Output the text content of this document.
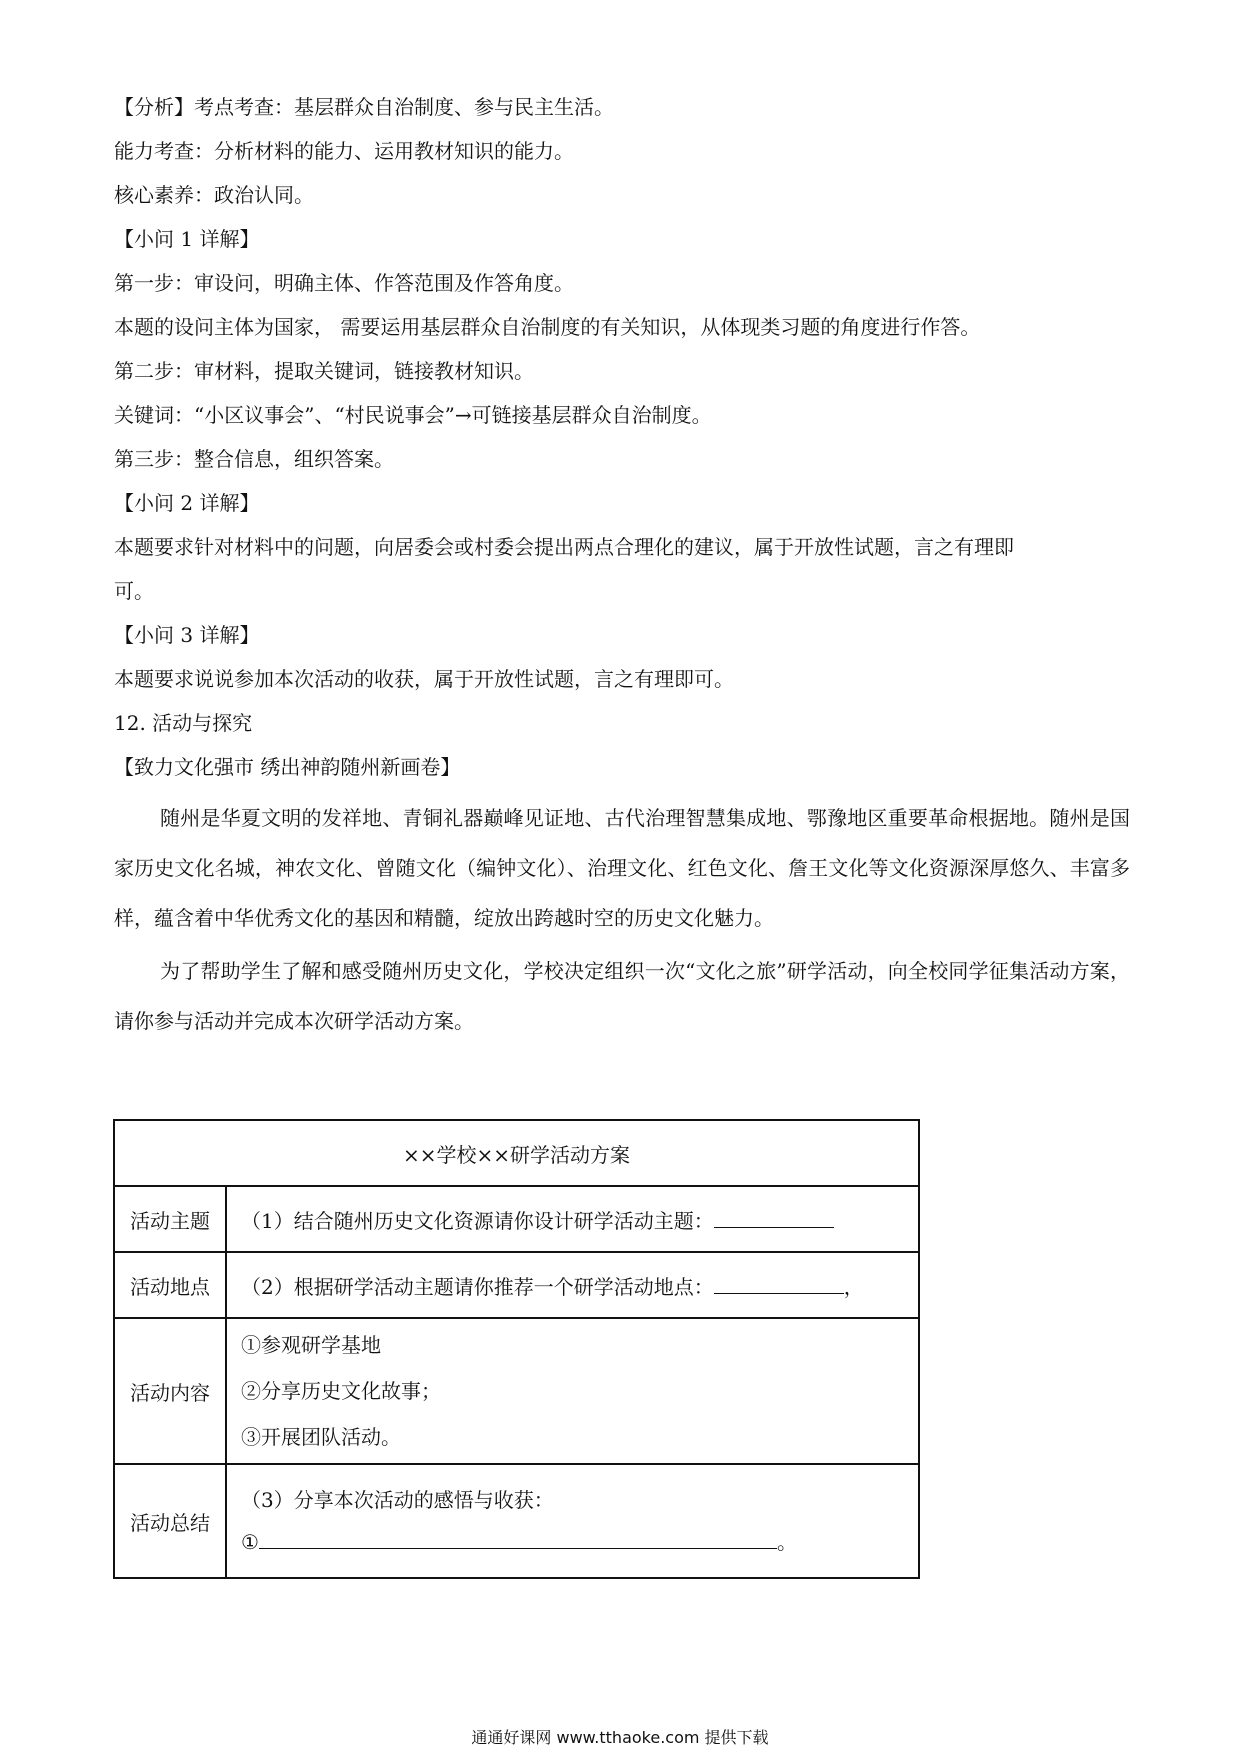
【分析】考点考查：基层群众自治制度、参与民主生活。
能力考查：分析材料的能力、运用教材知识的能力。
核心素养：政治认同。
【小问 1 详解】
第一步：审设问，明确主体、作答范围及作答角度。
本题的设问主体为国家， 需要运用基层群众自治制度的有关知识，从体现类习题的角度进行作答。
第二步：审材料，提取关键词，链接教材知识。
关键词：“小区议事会”、“村民说事会”→可链接基层群众自治制度。
第三步：整合信息，组织答案。
【小问 2 详解】
本题要求针对材料中的问题，向居委会或村委会提出两点合理化的建议，属于开放性试题，言之有理即
可。
【小问 3 详解】
本题要求说说参加本次活动的收获，属于开放性试题，言之有理即可。
12. 活动与探究
【致力文化强市 绣出神韵随州新画卷】
随州是华夏文明的发祥地、青铜礼器巅峰见证地、古代治理智慧集成地、鄂豫地区重要革命根据地。随州是国家历史文化名城，神农文化、曾随文化（编钟文化）、治理文化、红色文化、詹王文化等文化资源深厚悠久、丰富多样，蕴含着中华优秀文化的基因和精髓，绽放出跨越时空的历史文化魅力。
为了帮助学生了解和感受随州历史文化，学校决定组织一次“文化之旅”研学活动，向全校同学征集活动方案，请你参与活动并完成本次研学活动方案。
××学校××研学活动方案	
活动主题	（1）结合随州历史文化资源请你设计研学活动主题：
活动地点	（2）根据研学活动主题请你推荐一个研学活动地点： ，
活动内容	①参观研学基地
②分享历史文化故事；
③开展团队活动。

活动总结	（3）分享本次活动的感悟与收获：
① 。
通通好课网 www.tthaoke.com 提供下载
